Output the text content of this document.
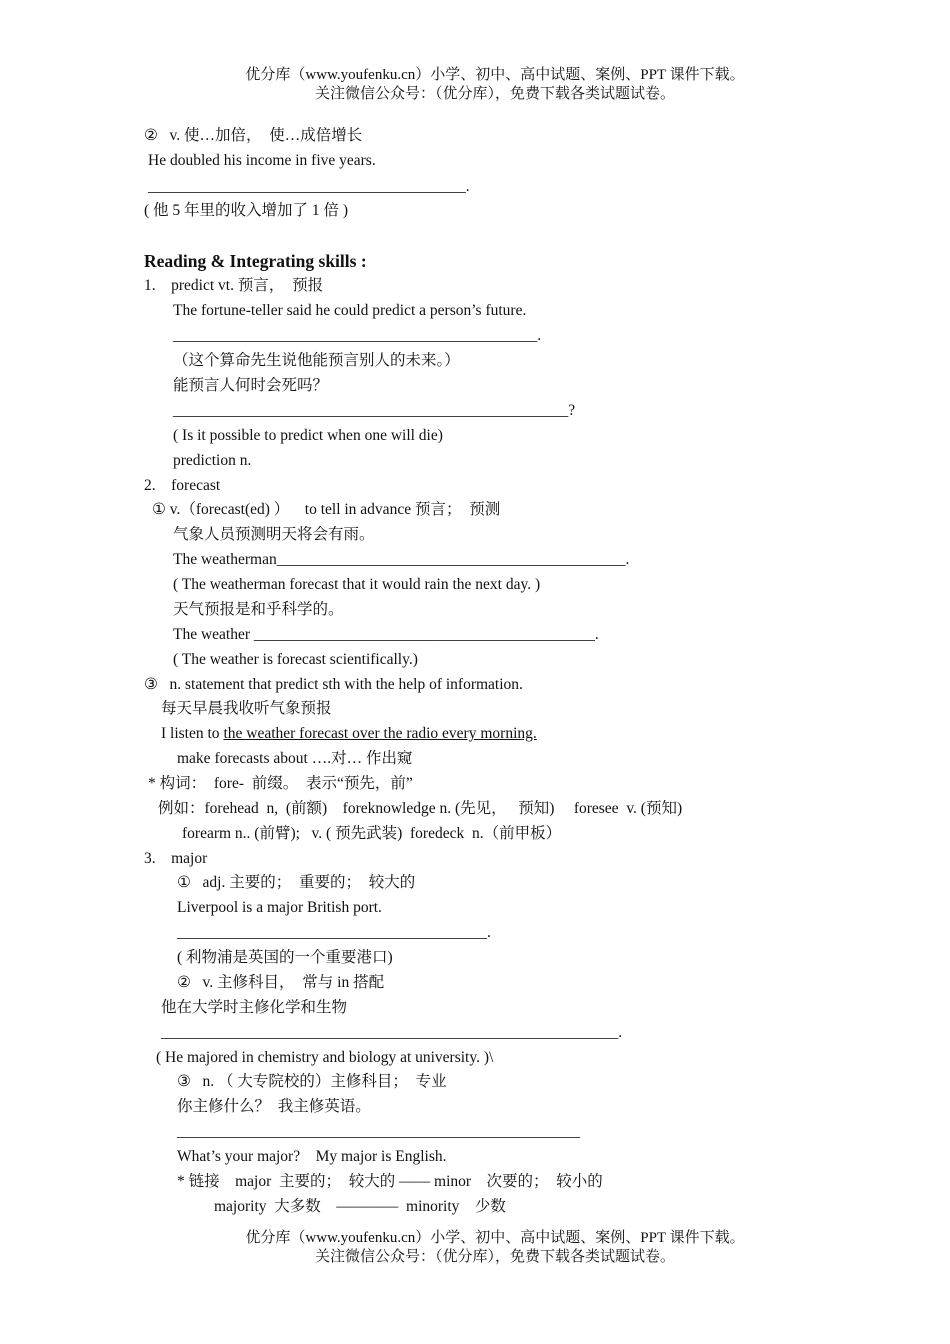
优分库（www.youfenku.cn）小学、初中、高中试题、案例、PPT 课件下载。
关注微信公众号：（优分库），免费下载各类试题试卷。
②   v. 使…加倍，  使…成倍增长
He doubled his income in five years.
_________________________________________.
( 他 5 年里的收入增加了 1 倍 )
Reading & Integrating skills :
1.    predict vt. 预言，  预报
The fortune-teller said he could predict a person’s future.
_______________________________________________.
（这个算命先生说他能预言别人的未来。）
能预言人何时会死吗？
___________________________________________________?
( Is it possible to predict when one will die)
prediction n.
2.    forecast
① v.（forecast(ed) ）    to tell in advance 预言；  预测
气象人员预测明天将会有雨。
The weatherman_____________________________________________.
( The weatherman forecast that it would rain the next day. )
天气预报是和乎科学的。
The weather ____________________________________________.
( The weather is forecast scientifically.)
③   n. statement that predict sth with the help of information.
每天早晨我收听气象预报
I listen to the weather forecast over the radio every morning.
make forecasts about ….对… 作出窥
* 构词：  fore-  前缀。  表示“预先，前”
例如：forehead  n,  (前额)    foreknowledge n. (先见，   预知)     foresee  v. (预知)
forearm n.. (前臂);   v. ( 预先武装)  foredeck  n.（前甲板）
3.    major
①   adj. 主要的；  重要的；  较大的
Liverpool is a major British port.
________________________________________.
( 利物浦是英国的一个重要港口)
②   v. 主修科目，  常与 in 搭配
他在大学时主修化学和生物
___________________________________________________________.
( He majored in chemistry and biology at university. )\
③   n. （ 大专院校的）主修科目；  专业
你主修什么？  我主修英语。
____________________________________________________
What’s your major?    My major is English.
* 链接    major  主要的；  较大的 —— minor    次要的；  较小的
majority  大多数    ————  minority    少数
优分库（www.youfenku.cn）小学、初中、高中试题、案例、PPT 课件下载。
关注微信公众号：（优分库），免费下载各类试题试卷。
